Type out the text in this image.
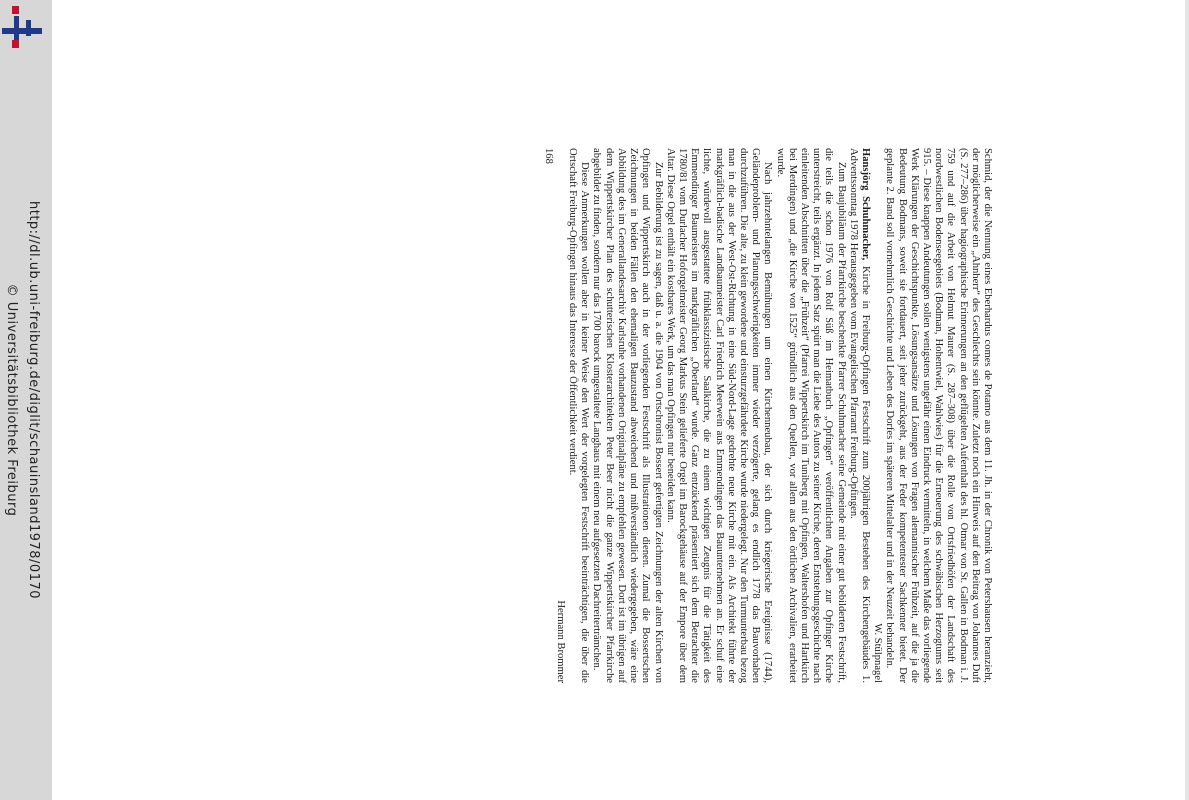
http://dl.ub.uni-freiburg.de/diglit/schauinsland1978/0170
© Universitätsbibliothek Freiburg	Schmid, der die Nennung eines Eberhardus comes de Potamo aus dem 11. Jh. in der Chronik von Petershausen heranzieht, der möglicherweise ein „Ahnherr“ des Geschlechts sein könnte. Zuletzt noch ein Hinweis auf den Beitrag von Johannes Duft (S. 277–286) über hagiographische Erinnerungen an den geflügelten Aufenthalt des hl. Otmar von St. Gallen in Bodman i. J. 759 und auf die Arbeit von Helmut Maurer (S. 287–308) über die Rolle von Ortsfriedhöfen der Landschaft des nordwestlichen Bodenseegebiets (Bodman, Hohentwiel, Wahlwies) für die Erneuerung des schwäbischen Herzogtums seit 915. – Diese knappen Andeutungen sollen wenigstens ungefähr einen Eindruck vermitteln, in welchem Maße das vorliegende Werk Klärungen der Geschichtspunkte, Lösungsansätze und Lösungen von Fragen alemannischer Frühzeit, auf die ja die Bedeutung Bodmans, soweit sie fortdauert, seit jeher zurückgeht, aus der Feder kompetentester Sachkenner bietet. Der geplante 2. Band soll vornehmlich Geschichte und Leben des Dorfes im späteren Mittelalter und in der Neuzeit behandeln.

W. Stülpnagel

Hansjörg Schuhmacher, Kirche in Freiburg-Opfingen Festschrift zum 200jährigen Bestehen des Kirchengebäudes 1. Adventssonntag 1978 Herausgegeben vom Evangelischen Pfarramt Freiburg-Opfingen.

Zum Baujubiläum der Pfarrkirche beschenkte Pfarrer Schuhmacher seine Gemeinde mit einer gut bebilderten Festschrift, die teils die schon 1976 von Rolf Süß im Heimatbuch „Opfingen“ veröffentlichten Angaben zur Opfinger Kirche unterstreicht, teils ergänzt. In jedem Satz spürt man die Liebe des Autors zu seiner Kirche, deren Entstehungsgeschichte nach einleitenden Abschnitten über die „Frühzeit“ (Pfarrei Wippertskirch im Tuniberg mit Opfingen, Waltershofen und Hartkirch bei Merdingen) und „die Kirche von 1525“ gründlich aus den Quellen, vor allem aus den örtlichen Archivalien, erarbeitet wurde.

Nach jahrzehntelangen Bemühungen um einen Kirchenneubau, der sich durch kriegerische Ereignisse (1744), Geländeproblem- und Planungsschwierigkeiten immer wieder verzögerte, gelang es endlich 1778 das Bauvorhaben durchzuführen. Die alte, zu klein gewordene und einsturzgefährdete Kirche wurde niedergelegt. Nur den Turmunterbau bezog man in die aus der West-Ost-Richtung in eine Süd-Nord-Lage gedrehte neue Kirche mit ein. Als Architekt führte der markgräflich-badische Landbaumeister Carl Friedrich Meerwein aus Emmendingen das Bauunternehmen an. Er schuf eine lichte, würdevoll ausgestattete frühklassizistische Saalkirche, die zu einem wichtigen Zeugnis für die Tätigkeit des Emmendinger Baumeisters im markgräflichen „Oberland“ wurde. Ganz entzückend präsentiert sich dem Betrachter die 1780/81 vom Durlacher Hoforgelmeister Georg Markus Stein gelieferte Orgel im Barockgehäuse auf der Empore über dem Altar. Diese Orgel enthält ein kostbares Werk, um das man Opfingen nur beneiden kann.

Zur Bebilderung ist zu sagen, daß u. a. die 1904 von Ortschronist Bossert gefertigten Zeichnungen der alten Kirchen von Opfingen und Wippertskirch auch in der vorliegenden Festschrift als Illustrationen dienen. Zumal die Bossertschen Zeichnungen in beiden Fällen den ehemaligen Bauzustand abweichend und mißverständlich wiedergegeben, wäre eine Abbildung des im Generallandesarchiv Karlsruhe vorhandenen Originalpläne zu empfehlen gewesen. Dort ist im übrigen auf dem Wippertskircher Plan des schutterischen Klosterarchitekten Peter Beer nicht die ganze Wippertskircher Pfarrkirche abgebildet zu finden, sondern nur das 1700 barock umgestaltete Langhaus mit einem neu aufgesetzten Dachreiterträmchen.

Diese Anmerkungen wollen aber in keiner Weise den Wert der vorgelegten Festschrift beeinträchtigen, die über die Ortschaft Freiburg-Opfingen hinaus das Interesse der Öffentlichkeit verdient.

Hermann Brommer

168
